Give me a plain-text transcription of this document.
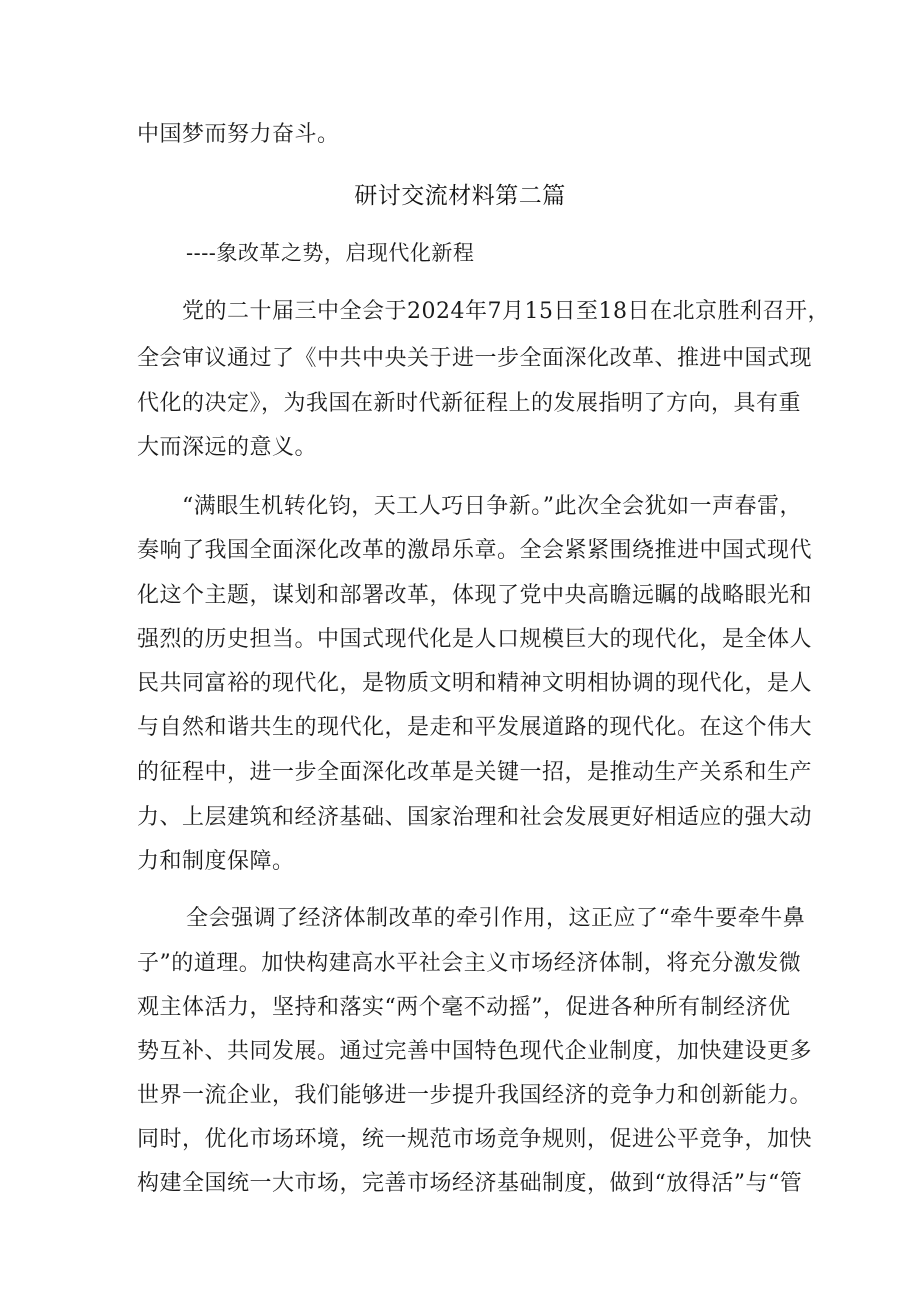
中国梦而努力奋斗。
研讨交流材料第二篇
----象改革之势，启现代化新程
党的二十届三中全会于2024年7月15日至18日在北京胜利召开，
全会审议通过了《中共中央关于进一步全面深化改革、推进中国式现
代化的决定》，为我国在新时代新征程上的发展指明了方向，具有重
大而深远的意义。
“满眼生机转化钧，天工人巧日争新。”此次全会犹如一声春雷，
奏响了我国全面深化改革的激昂乐章。全会紧紧围绕推进中国式现代
化这个主题，谋划和部署改革，体现了党中央高瞻远瞩的战略眼光和
强烈的历史担当。中国式现代化是人口规模巨大的现代化，是全体人
民共同富裕的现代化，是物质文明和精神文明相协调的现代化，是人
与自然和谐共生的现代化，是走和平发展道路的现代化。在这个伟大
的征程中，进一步全面深化改革是关键一招，是推动生产关系和生产
力、上层建筑和经济基础、国家治理和社会发展更好相适应的强大动
力和制度保障。
全会强调了经济体制改革的牵引作用，这正应了“牵牛要牵牛鼻
子”的道理。加快构建高水平社会主义市场经济体制，将充分激发微
观主体活力，坚持和落实“两个毫不动摇”，促进各种所有制经济优
势互补、共同发展。通过完善中国特色现代企业制度，加快建设更多
世界一流企业，我们能够进一步提升我国经济的竞争力和创新能力。
同时，优化市场环境，统一规范市场竞争规则，促进公平竞争，加快
构建全国统一大市场，完善市场经济基础制度，做到“放得活”与“管
